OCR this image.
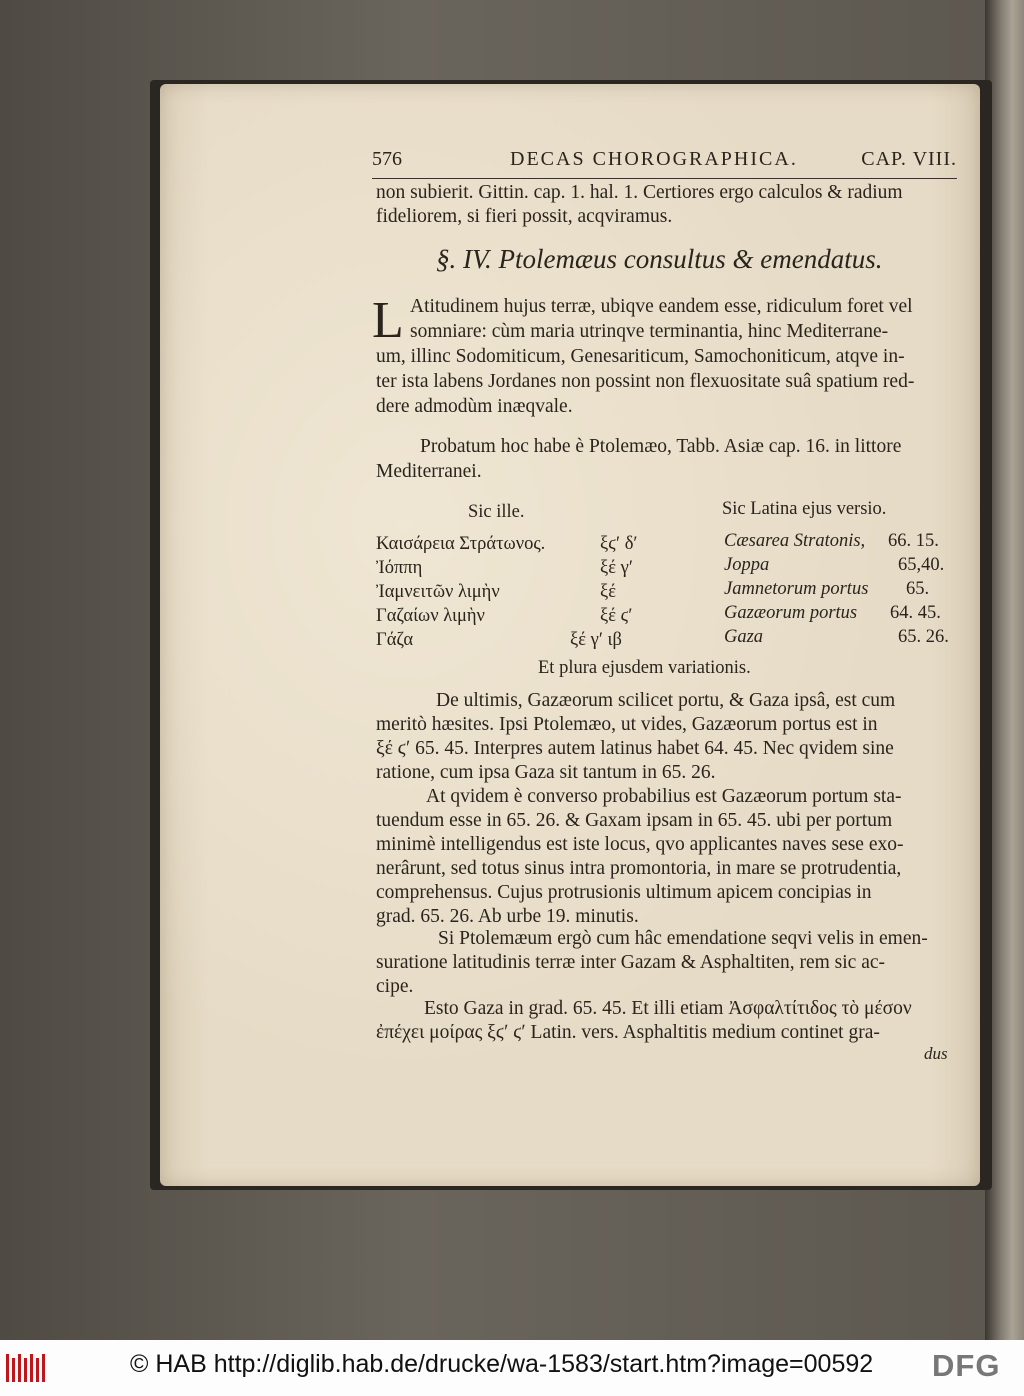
576	DECAS CHOROGRAPHICA.	CAP. VIII.
non subierit. Gittin. cap. 1. hal. 1. Certiores ergo calculos & radium
fideliorem, si fieri possit, acqviramus.
§. IV. Ptolemæus consultus & emendatus.
L Atitudinem hujus terræ, ubiqve eandem esse, ridiculum foret vel
somniare: cùm maria utrinqve terminantia, hinc Mediterrane-
um, illinc Sodomiticum, Genesariticum, Samochoniticum, atqve in-
ter ista labens Jordanes non possint non flexuositate suâ spatium red-
dere admodùm inæqvale.
Probatum hoc habe è Ptolemæo, Tabb. Asiæ cap. 16. in littore
Mediterranei.
Sic ille.	Sic Latina ejus versio.
Καισάρεια Στράτωνος.	ξϛʹ δʹ	Cæsarea Stratonis, 66. 15.
Ἰόππη	ξέ γʹ	Joppa	65,40.
Ἰαμνειτῶν λιμὴν	ξέ	Jamnetorum portus 65.
Γαζαίων λιμὴν	ξέ ϛʹ	Gazæorum portus 64. 45.
Γάζα	ξέ γʹ ιβ	Gaza	65. 26.
Et plura ejusdem variationis.
De ultimis, Gazæorum scilicet portu, & Gaza ipsâ, est cum
meritò hæsites. Ipsi Ptolemæo, ut vides, Gazæorum portus est in
ξέ ϛʹ 65. 45. Interpres autem latinus habet 64. 45. Nec qvidem sine
ratione, cum ipsa Gaza sit tantum in 65. 26.
At qvidem è converso probabilius est Gazæorum portum sta-
tuendum esse in 65. 26. & Gaxam ipsam in 65. 45. ubi per portum
minimè intelligendus est iste locus, qvo applicantes naves sese exo-
nerârunt, sed totus sinus intra promontoria, in mare se protrudentia,
comprehensus. Cujus protrusionis ultimum apicem concipias in
grad. 65. 26. Ab urbe 19. minutis.
Si Ptolemæum ergò cum hâc emendatione seqvi velis in emen-
suratione latitudinis terræ inter Gazam & Asphaltiten, rem sic ac-
cipe.
Esto Gaza in grad. 65. 45. Et illi etiam Ἀσφαλτίτιδος τὸ μέσον
ἐπέχει μοίρας ξϛʹ ϛʹ Latin. vers. Asphaltitis medium continet gra-
dus
© HAB http://diglib.hab.de/drucke/wa-1583/start.htm?image=00592 DFG
